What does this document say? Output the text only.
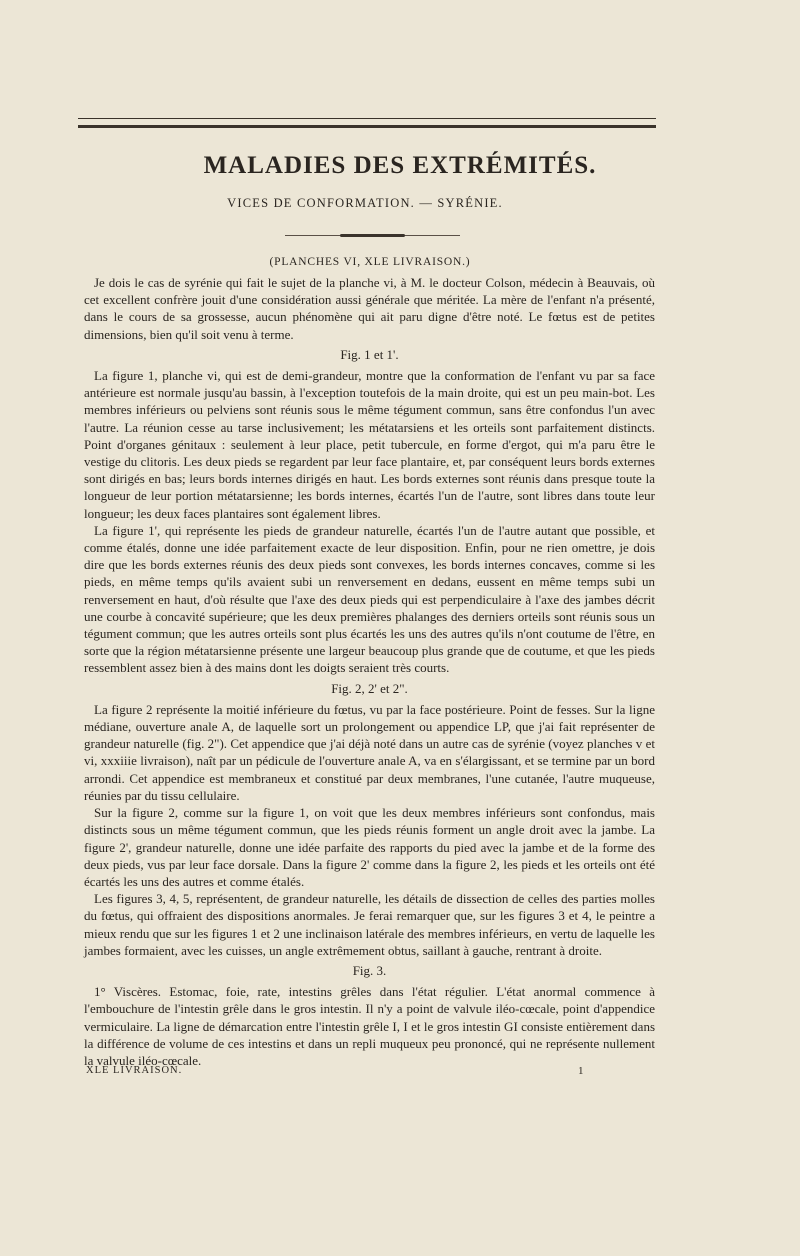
MALADIES DES EXTRÉMITÉS.
VICES DE CONFORMATION. — SYRÉNIE.
(PLANCHES VI, XLE LIVRAISON.)

Je dois le cas de syrénie qui fait le sujet de la planche vi, à M. le docteur Colson, médecin à Beauvais, où cet excellent confrère jouit d'une considération aussi générale que méritée. La mère de l'enfant n'a présenté, dans le cours de sa grossesse, aucun phénomène qui ait paru digne d'être noté. Le fœtus est de petites dimensions, bien qu'il soit venu à terme.

Fig. 1 et 1'.

La figure 1, planche vi, qui est de demi-grandeur, montre que la conformation de l'enfant vu par sa face antérieure est normale jusqu'au bassin, à l'exception toutefois de la main droite, qui est un peu main-bot. Les membres inférieurs ou pelviens sont réunis sous le même tégument commun, sans être confondus l'un avec l'autre. La réunion cesse au tarse inclusivement; les métatarsiens et les orteils sont parfaitement distincts. Point d'organes génitaux : seulement à leur place, petit tubercule, en forme d'ergot, qui m'a paru être le vestige du clitoris. Les deux pieds se regardent par leur face plantaire, et, par conséquent leurs bords externes sont dirigés en bas; leurs bords internes dirigés en haut. Les bords externes sont réunis dans presque toute la longueur de leur portion métatarsienne; les bords internes, écartés l'un de l'autre, sont libres dans toute leur longueur; les deux faces plantaires sont également libres.

La figure 1', qui représente les pieds de grandeur naturelle, écartés l'un de l'autre autant que possible, et comme étalés, donne une idée parfaitement exacte de leur disposition. Enfin, pour ne rien omettre, je dois dire que les bords externes réunis des deux pieds sont convexes, les bords internes concaves, comme si les pieds, en même temps qu'ils avaient subi un renversement en dedans, eussent en même temps subi un renversement en haut, d'où résulte que l'axe des deux pieds qui est perpendiculaire à l'axe des jambes décrit une courbe à concavité supérieure; que les deux premières phalanges des derniers orteils sont réunis sous un tégument commun; que les autres orteils sont plus écartés les uns des autres qu'ils n'ont coutume de l'être, en sorte que la région métatarsienne présente une largeur beaucoup plus grande que de coutume, et que les pieds ressemblent assez bien à des mains dont les doigts seraient très courts.

Fig. 2, 2' et 2".

La figure 2 représente la moitié inférieure du fœtus, vu par la face postérieure. Point de fesses. Sur la ligne médiane, ouverture anale A, de laquelle sort un prolongement ou appendice LP, que j'ai fait représenter de grandeur naturelle (fig. 2"). Cet appendice que j'ai déjà noté dans un autre cas de syrénie (voyez planches v et vi, xxxiiie livraison), naît par un pédicule de l'ouverture anale A, va en s'élargissant, et se termine par un bord arrondi. Cet appendice est membraneux et constitué par deux membranes, l'une cutanée, l'autre muqueuse, réunies par du tissu cellulaire.

Sur la figure 2, comme sur la figure 1, on voit que les deux membres inférieurs sont confondus, mais distincts sous un même tégument commun, que les pieds réunis forment un angle droit avec la jambe. La figure 2', grandeur naturelle, donne une idée parfaite des rapports du pied avec la jambe et de la forme des deux pieds, vus par leur face dorsale. Dans la figure 2' comme dans la figure 2, les pieds et les orteils ont été écartés les uns des autres et comme étalés.

Les figures 3, 4, 5, représentent, de grandeur naturelle, les détails de dissection de celles des parties molles du fœtus, qui offraient des dispositions anormales. Je ferai remarquer que, sur les figures 3 et 4, le peintre a mieux rendu que sur les figures 1 et 2 une inclinaison latérale des membres inférieurs, en vertu de laquelle les jambes formaient, avec les cuisses, un angle extrêmement obtus, saillant à gauche, rentrant à droite.

Fig. 3.

1° Viscères. Estomac, foie, rate, intestins grêles dans l'état régulier. L'état anormal commence à l'embouchure de l'intestin grêle dans le gros intestin. Il n'y a point de valvule iléo-cœcale, point d'appendice vermiculaire. La ligne de démarcation entre l'intestin grêle I, I et le gros intestin GI consiste entièrement dans la différence de volume de ces intestins et dans un repli muqueux peu prononcé, qui ne représente nullement la valvule iléo-cœcale.

XLE LIVRAISON.	1
